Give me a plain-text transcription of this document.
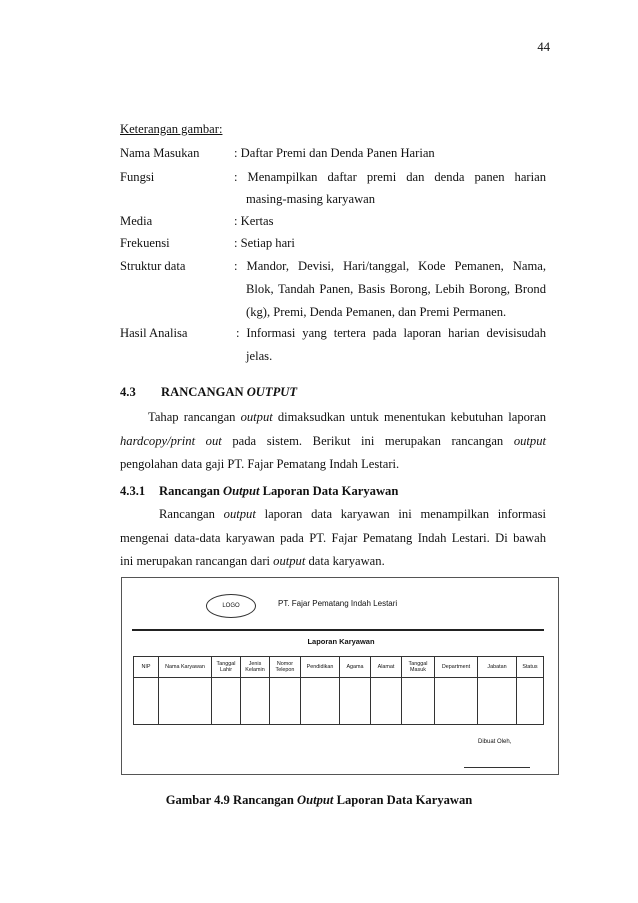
44
Keterangan gambar:
Nama Masukan	: Daftar Premi dan Denda Panen Harian
Fungsi	: Menampilkan daftar premi dan denda panen harian
masing-masing karyawan
Media	: Kertas
Frekuensi	: Setiap hari
Struktur data	: Mandor, Devisi, Hari/tanggal, Kode Pemanen, Nama,
Blok, Tandah Panen, Basis Borong, Lebih Borong, Brond
(kg), Premi, Denda Pemanen, dan Premi Permanen.
Hasil Analisa	: Informasi yang tertera pada laporan harian devisisudah
jelas.
4.3 RANCANGAN OUTPUT
Tahap rancangan output dimaksudkan untuk menentukan kebutuhan laporan
hardcopy/print out pada sistem. Berikut ini merupakan rancangan output
pengolahan data gaji PT. Fajar Pematang Indah Lestari.
4.3.1 Rancangan Output Laporan Data Karyawan
Rancangan output laporan data karyawan ini menampilkan informasi
mengenai data-data karyawan pada PT. Fajar Pematang Indah Lestari. Di bawah
ini merupakan rancangan dari output data karyawan.
LOGO	PT. Fajar Pematang Indah Lestari
Laporan Karyawan
NIP	Nama Karyawan	Tanggal Lahir	Jenis Kelamin	Nomor Telepon	Pendidikan	Agama	Alamat	Tanggal Masuk	Department	Jabatan	Status

Dibuat Oleh,
Gambar 4.9 Rancangan Output Laporan Data Karyawan
